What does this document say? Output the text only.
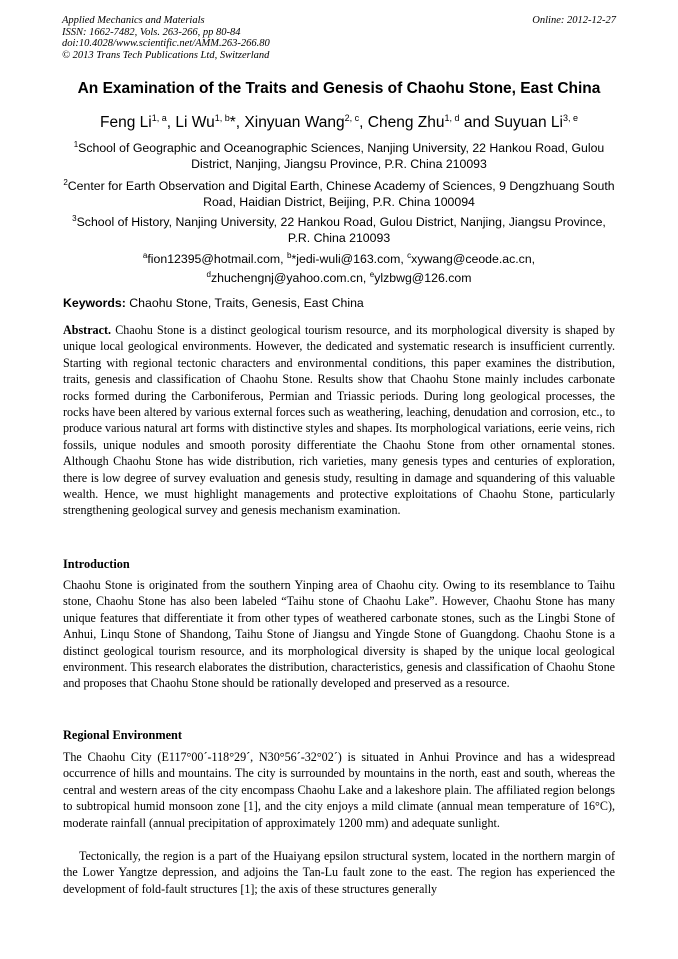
Applied Mechanics and Materials
ISSN: 1662-7482, Vols. 263-266, pp 80-84
doi:10.4028/www.scientific.net/AMM.263-266.80
© 2013 Trans Tech Publications Ltd, Switzerland
Online: 2012-12-27
An Examination of the Traits and Genesis of Chaohu Stone, East China
Feng Li$^{1, a}$, Li Wu$^{1, b}$*, Xinyuan Wang$^{2, c}$, Cheng Zhu$^{1, d}$ and Suyuan Li$^{3, e}$
$^1$School of Geographic and Oceanographic Sciences, Nanjing University, 22 Hankou Road, Gulou District, Nanjing, Jiangsu Province, P.R. China 210093
$^2$Center for Earth Observation and Digital Earth, Chinese Academy of Sciences, 9 Dengzhuang South Road, Haidian District, Beijing, P.R. China 100094
$^3$School of History, Nanjing University, 22 Hankou Road, Gulou District, Nanjing, Jiangsu Province, P.R. China 210093
$^a$fion12395@hotmail.com, $^b$*jedi-wuli@163.com, $^c$xywang@ceode.ac.cn,
$^d$zhuchengnj@yahoo.com.cn, $^e$ylzbwg@126.com
Keywords: Chaohu Stone, Traits, Genesis, East China
Abstract. Chaohu Stone is a distinct geological tourism resource, and its morphological diversity is shaped by unique local geological environments. However, the dedicated and systematic research is insufficient currently. Starting with regional tectonic characters and environmental conditions, this paper examines the distribution, traits, genesis and classification of Chaohu Stone. Results show that Chaohu Stone mainly includes carbonate rocks formed during the Carboniferous, Permian and Triassic periods. During long geological processes, the rocks have been altered by various external forces such as weathering, leaching, denudation and corrosion, etc., to produce various natural art forms with distinctive styles and shapes. Its morphological variations, eerie veins, rich fossils, unique nodules and smooth porosity differentiate the Chaohu Stone from other ornamental stones. Although Chaohu Stone has wide distribution, rich varieties, many genesis types and centuries of exploration, there is low degree of survey evaluation and genesis study, resulting in damage and squandering of this valuable wealth. Hence, we must highlight managements and protective exploitations of Chaohu Stone, particularly strengthening geological survey and genesis mechanism examination.
Introduction
Chaohu Stone is originated from the southern Yinping area of Chaohu city. Owing to its resemblance to Taihu stone, Chaohu Stone has also been labeled “Taihu stone of Chaohu Lake”. However, Chaohu Stone has many unique features that differentiate it from other types of weathered carbonate stones, such as the Lingbi Stone of Anhui, Linqu Stone of Shandong, Taihu Stone of Jiangsu and Yingde Stone of Guangdong. Chaohu Stone is a distinct geological tourism resource, and its morphological diversity is shaped by the unique local geological environment. This research elaborates the distribution, characteristics, genesis and classification of Chaohu Stone and proposes that Chaohu Stone should be rationally developed and preserved as a resource.
Regional Environment
The Chaohu City (E117°00´-118°29´, N30°56´-32°02´) is situated in Anhui Province and has a widespread occurrence of hills and mountains. The city is surrounded by mountains in the north, east and south, whereas the central and western areas of the city encompass Chaohu Lake and a lakeshore plain. The affiliated region belongs to subtropical humid monsoon zone [1], and the city enjoys a mild climate (annual mean temperature of 16°C), moderate rainfall (annual precipitation of approximately 1200 mm) and adequate sunlight.
Tectonically, the region is a part of the Huaiyang epsilon structural system, located in the northern margin of the Lower Yangtze depression, and adjoins the Tan-Lu fault zone to the east. The region has experienced the development of fold-fault structures [1]; the axis of these structures generally
